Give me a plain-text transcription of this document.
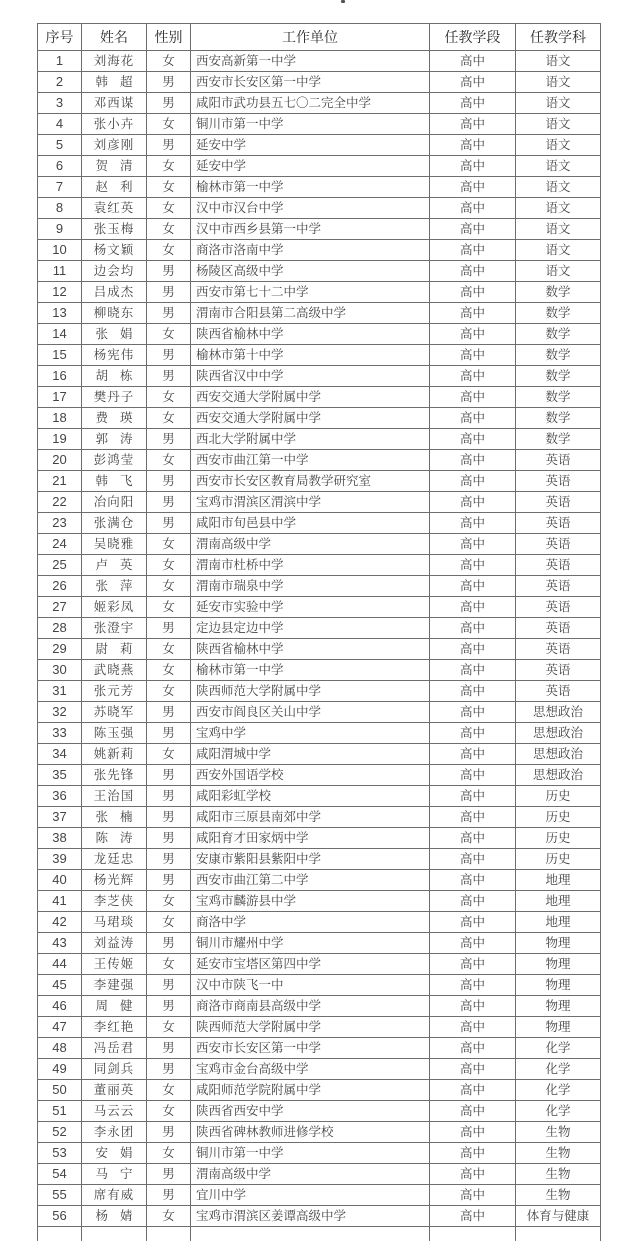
序号	姓名	性别	工作单位	任教学段	任教学科
1	刘海花	女	西安高新第一中学	高中	语文
2	韩超	男	西安市长安区第一中学	高中	语文
3	邓西谋	男	咸阳市武功县五七〇二完全中学	高中	语文
4	张小卉	女	铜川市第一中学	高中	语文
5	刘彦刚	男	延安中学	高中	语文
6	贺清	女	延安中学	高中	语文
7	赵利	女	榆林市第一中学	高中	语文
8	袁红英	女	汉中市汉台中学	高中	语文
9	张玉梅	女	汉中市西乡县第一中学	高中	语文
10	杨文颖	女	商洛市洛南中学	高中	语文
11	边会均	男	杨陵区高级中学	高中	语文
12	吕成杰	男	西安市第七十二中学	高中	数学
13	柳晓东	男	渭南市合阳县第二高级中学	高中	数学
14	张娟	女	陕西省榆林中学	高中	数学
15	杨宪伟	男	榆林市第十中学	高中	数学
16	胡栋	男	陕西省汉中中学	高中	数学
17	樊丹子	女	西安交通大学附属中学	高中	数学
18	费瑛	女	西安交通大学附属中学	高中	数学
19	郭涛	男	西北大学附属中学	高中	数学
20	彭鸿莹	女	西安市曲江第一中学	高中	英语
21	韩飞	男	西安市长安区教育局教学研究室	高中	英语
22	冶向阳	男	宝鸡市渭滨区渭滨中学	高中	英语
23	张满仓	男	咸阳市旬邑县中学	高中	英语
24	吴晓雅	女	渭南高级中学	高中	英语
25	卢英	女	渭南市杜桥中学	高中	英语
26	张萍	女	渭南市瑞泉中学	高中	英语
27	姬彩凤	女	延安市实验中学	高中	英语
28	张澄宇	男	定边县定边中学	高中	英语
29	尉莉	女	陕西省榆林中学	高中	英语
30	武晓燕	女	榆林市第一中学	高中	英语
31	张元芳	女	陕西师范大学附属中学	高中	英语
32	苏晓军	男	西安市阎良区关山中学	高中	思想政治
33	陈玉强	男	宝鸡中学	高中	思想政治
34	姚新莉	女	咸阳渭城中学	高中	思想政治
35	张先锋	男	西安外国语学校	高中	思想政治
36	王治国	男	咸阳彩虹学校	高中	历史
37	张楠	男	咸阳市三原县南郊中学	高中	历史
38	陈涛	男	咸阳育才田家炳中学	高中	历史
39	龙廷忠	男	安康市紫阳县紫阳中学	高中	历史
40	杨光辉	男	西安市曲江第二中学	高中	地理
41	李芝侠	女	宝鸡市麟游县中学	高中	地理
42	马珺琰	女	商洛中学	高中	地理
43	刘益涛	男	铜川市耀州中学	高中	物理
44	王传姬	女	延安市宝塔区第四中学	高中	物理
45	李建强	男	汉中市陕飞一中	高中	物理
46	周健	男	商洛市商南县高级中学	高中	物理
47	李红艳	女	陕西师范大学附属中学	高中	物理
48	冯岳君	男	西安市长安区第一中学	高中	化学
49	同剑兵	男	宝鸡市金台高级中学	高中	化学
50	董丽英	女	咸阳师范学院附属中学	高中	化学
51	马云云	女	陕西省西安中学	高中	化学
52	李永团	男	陕西省碑林教师进修学校	高中	生物
53	安娟	女	铜川市第一中学	高中	生物
54	马宁	男	渭南高级中学	高中	生物
55	席有威	男	宜川中学	高中	生物
56	杨婧	女	宝鸡市渭滨区姜谭高级中学	高中	体育与健康
